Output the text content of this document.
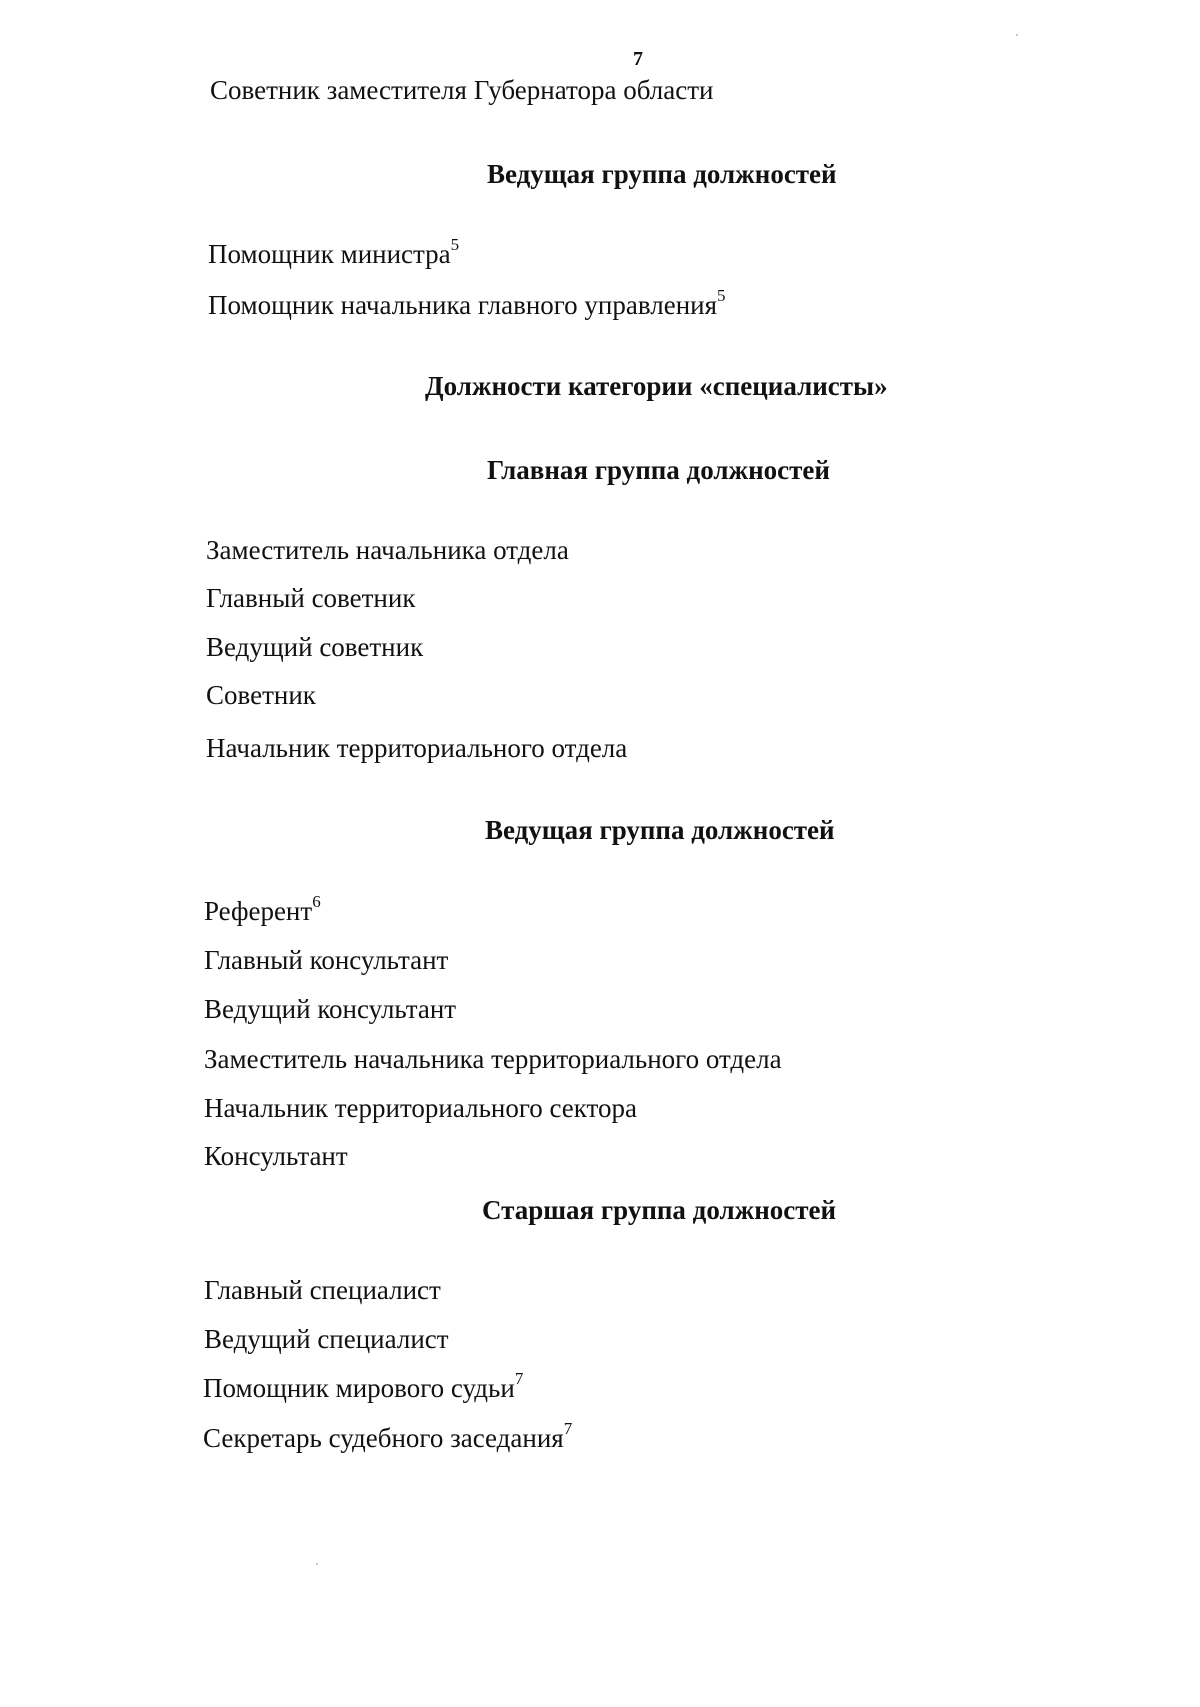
7
Советник заместителя Губернатора области
Ведущая группа должностей
Помощник министра$^5$
Помощник начальника главного управления$^5$
Должности категории «специалисты»
Главная группа должностей
Заместитель начальника отдела
Главный советник
Ведущий советник
Советник
Начальник территориального отдела
Ведущая группа должностей
Референт$^6$
Главный консультант
Ведущий консультант
Заместитель начальника территориального отдела
Начальник территориального сектора
Консультант
Старшая группа должностей
Главный специалист
Ведущий специалист
Помощник мирового судьи$^7$
Секретарь судебного заседания$^7$
